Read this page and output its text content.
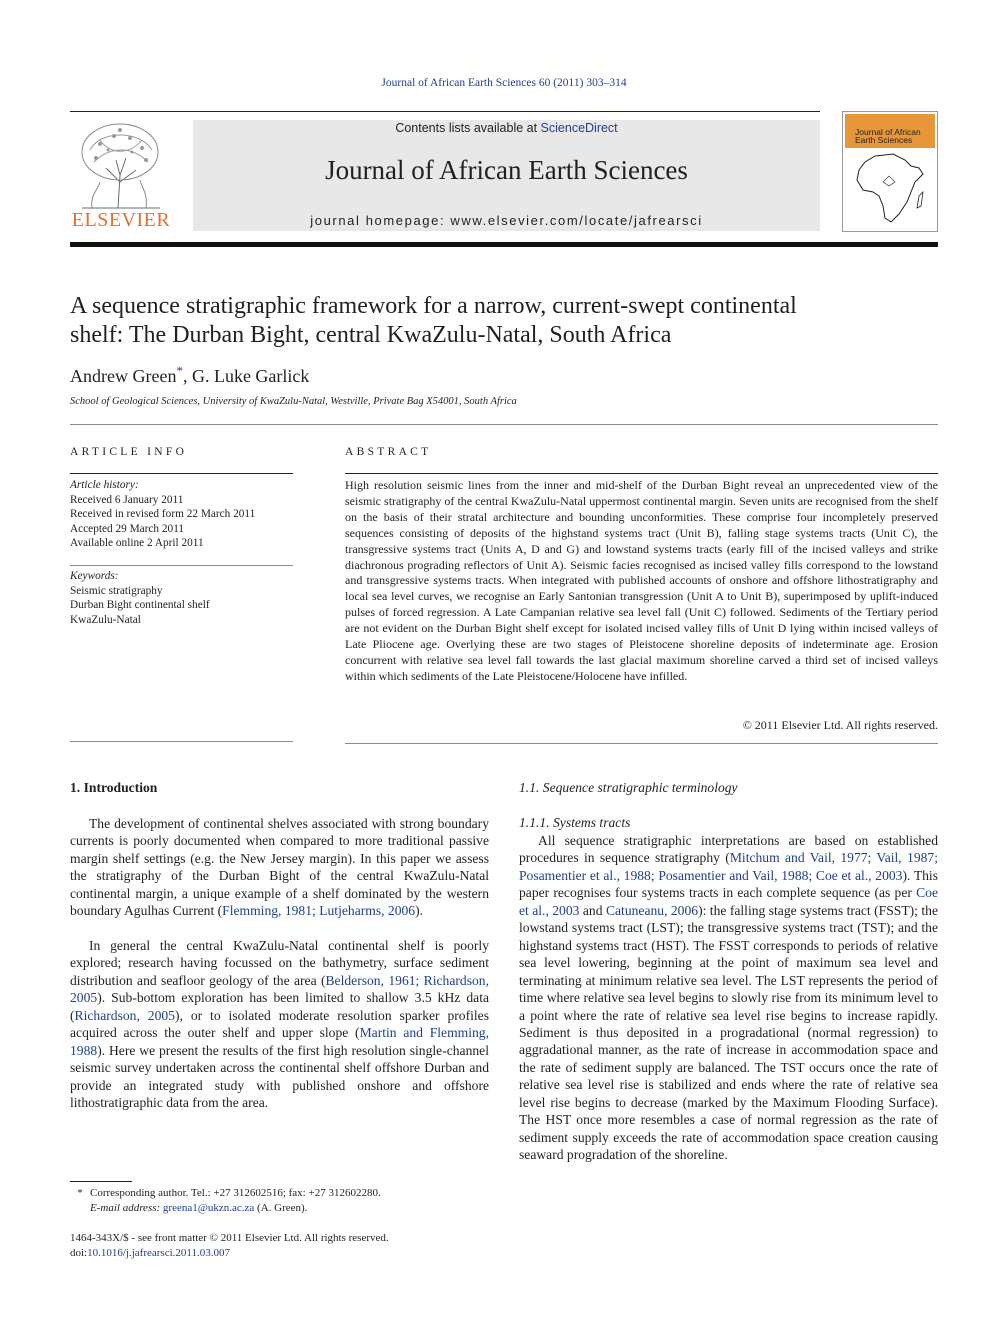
Journal of African Earth Sciences 60 (2011) 303–314
ELSEVIER
Contents lists available at ScienceDirect
Journal of African Earth Sciences
journal homepage: www.elsevier.com/locate/jafrearsci
Journal of African
Earth Sciences
A sequence stratigraphic framework for a narrow, current-swept continental
shelf: The Durban Bight, central KwaZulu-Natal, South Africa
Andrew Green*, G. Luke Garlick
School of Geological Sciences, University of KwaZulu-Natal, Westville, Private Bag X54001, South Africa
ARTICLE INFO	ABSTRACT
Article history:
Received 6 January 2011
Received in revised form 22 March 2011
Accepted 29 March 2011
Available online 2 April 2011
Keywords:
Seismic stratigraphy
Durban Bight continental shelf
KwaZulu-Natal
High resolution seismic lines from the inner and mid-shelf of the Durban Bight reveal an unprecedented view of the seismic stratigraphy of the central KwaZulu-Natal uppermost continental margin. Seven units are recognised from the shelf on the basis of their stratal architecture and bounding unconformities. These comprise four incompletely preserved sequences consisting of deposits of the highstand systems tract (Unit B), falling stage systems tracts (Unit C), the transgressive systems tract (Units A, D and G) and lowstand systems tracts (early fill of the incised valleys and strike diachronous prograding reflectors of Unit A). Seismic facies recognised as incised valley fills correspond to the lowstand and transgressive systems tracts. When integrated with published accounts of onshore and offshore lithostratigraphy and local sea level curves, we recognise an Early Santonian transgression (Unit A to Unit B), superimposed by uplift-induced pulses of forced regression. A Late Campanian relative sea level fall (Unit C) followed. Sediments of the Tertiary period are not evident on the Durban Bight shelf except for isolated incised valley fills of Unit D lying within incised valleys of Late Pliocene age. Overlying these are two stages of Pleistocene shoreline deposits of indeterminate age. Erosion concurrent with relative sea level fall towards the last glacial maximum shoreline carved a third set of incised valleys within which sediments of the Late Pleistocene/Holocene have infilled.
© 2011 Elsevier Ltd. All rights reserved.
1. Introduction
The development of continental shelves associated with strong boundary currents is poorly documented when compared to more traditional passive margin shelf settings (e.g. the New Jersey margin). In this paper we assess the stratigraphy of the Durban Bight of the central KwaZulu-Natal continental margin, a unique example of a shelf dominated by the western boundary Agulhas Current (Flemming, 1981; Lutjeharms, 2006).
In general the central KwaZulu-Natal continental shelf is poorly explored; research having focussed on the bathymetry, surface sediment distribution and seafloor geology of the area (Belderson, 1961; Richardson, 2005). Sub-bottom exploration has been limited to shallow 3.5 kHz data (Richardson, 2005), or to isolated moderate resolution sparker profiles acquired across the outer shelf and upper slope (Martin and Flemming, 1988). Here we present the results of the first high resolution single-channel seismic survey undertaken across the continental shelf offshore Durban and provide an integrated study with published onshore and offshore lithostratigraphic data from the area.
1.1. Sequence stratigraphic terminology
1.1.1. Systems tracts
All sequence stratigraphic interpretations are based on established procedures in sequence stratigraphy (Mitchum and Vail, 1977; Vail, 1987; Posamentier et al., 1988; Posamentier and Vail, 1988; Coe et al., 2003). This paper recognises four systems tracts in each complete sequence (as per Coe et al., 2003 and Catuneanu, 2006): the falling stage systems tract (FSST); the lowstand systems tract (LST); the transgressive systems tract (TST); and the highstand systems tract (HST). The FSST corresponds to periods of relative sea level lowering, beginning at the point of maximum sea level and terminating at minimum relative sea level. The LST represents the period of time where relative sea level begins to slowly rise from its minimum level to a point where the rate of relative sea level rise begins to increase rapidly. Sediment is thus deposited in a progradational (normal regression) to aggradational manner, as the rate of increase in accommodation space and the rate of sediment supply are balanced. The TST occurs once the rate of relative sea level rise is stabilized and ends where the rate of relative sea level rise begins to decrease (marked by the Maximum Flooding Surface). The HST once more resembles a case of normal regression as the rate of sediment supply exceeds the rate of accommodation space creation causing seaward progradation of the shoreline.
* Corresponding author. Tel.: +27 312602516; fax: +27 312602280.
E-mail address: greena1@ukzn.ac.za (A. Green).
1464-343X/$ - see front matter © 2011 Elsevier Ltd. All rights reserved.
doi:10.1016/j.jafrearsci.2011.03.007
